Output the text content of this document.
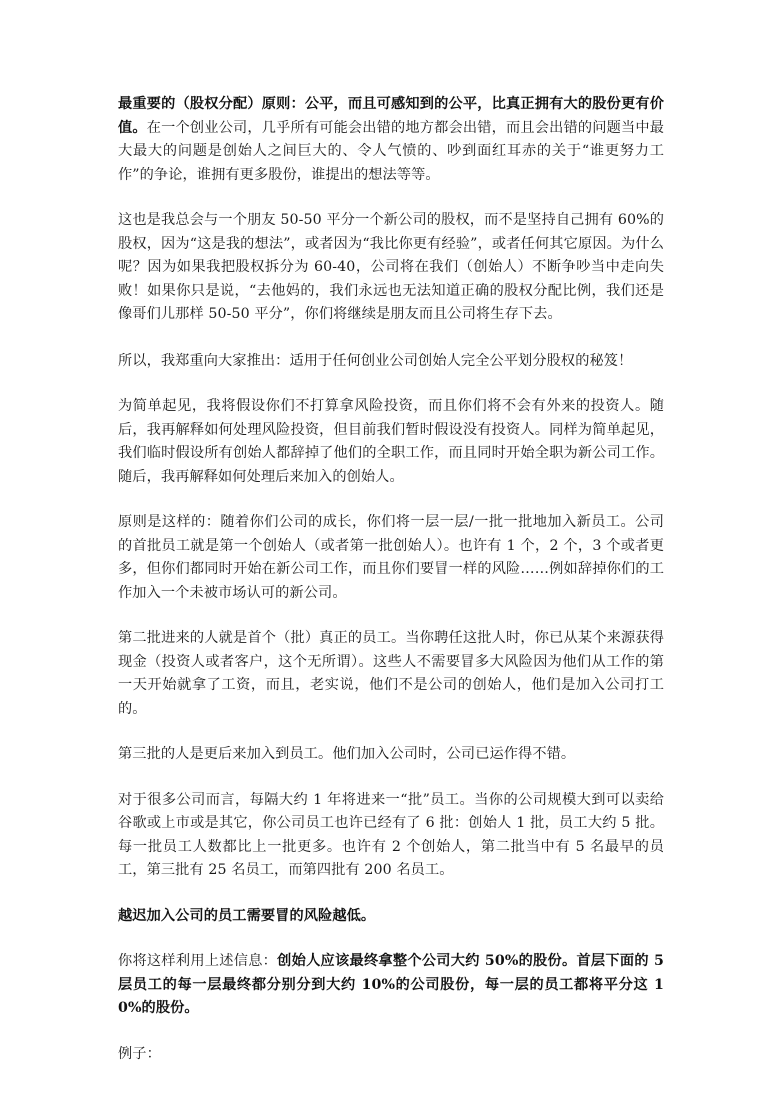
最重要的（股权分配）原则：公平，而且可感知到的公平，比真正拥有大的股份更有价值。在一个创业公司，几乎所有可能会出错的地方都会出错，而且会出错的问题当中最大最大的问题是创始人之间巨大的、令人气愤的、吵到面红耳赤的关于“谁更努力工作”的争论，谁拥有更多股份，谁提出的想法等等。

这也是我总会与一个朋友 50-50 平分一个新公司的股权，而不是坚持自己拥有 60%的股权，因为“这是我的想法”，或者因为“我比你更有经验”，或者任何其它原因。为什么呢？因为如果我把股权拆分为 60-40，公司将在我们（创始人）不断争吵当中走向失败！如果你只是说，“去他妈的，我们永远也无法知道正确的股权分配比例，我们还是像哥们儿那样 50-50 平分”，你们将继续是朋友而且公司将生存下去。

所以，我郑重向大家推出：适用于任何创业公司创始人完全公平划分股权的秘笈！

为简单起见，我将假设你们不打算拿风险投资，而且你们将不会有外来的投资人。随后，我再解释如何处理风险投资，但目前我们暂时假设没有投资人。同样为简单起见，我们临时假设所有创始人都辞掉了他们的全职工作，而且同时开始全职为新公司工作。随后，我再解释如何处理后来加入的创始人。

原则是这样的：随着你们公司的成长，你们将一层一层/一批一批地加入新员工。公司的首批员工就是第一个创始人（或者第一批创始人）。也许有 1 个，2 个，3 个或者更多，但你们都同时开始在新公司工作，而且你们要冒一样的风险……例如辞掉你们的工作加入一个未被市场认可的新公司。

第二批进来的人就是首个（批）真正的员工。当你聘任这批人时，你已从某个来源获得现金（投资人或者客户，这个无所谓）。这些人不需要冒多大风险因为他们从工作的第一天开始就拿了工资，而且，老实说，他们不是公司的创始人，他们是加入公司打工的。

第三批的人是更后来加入到员工。他们加入公司时，公司已运作得不错。

对于很多公司而言，每隔大约 1 年将进来一“批”员工。当你的公司规模大到可以卖给谷歌或上市或是其它，你公司员工也许已经有了 6 批：创始人 1 批，员工大约 5 批。每一批员工人数都比上一批更多。也许有 2 个创始人，第二批当中有 5 名最早的员工，第三批有 25 名员工，而第四批有 200 名员工。

越迟加入公司的员工需要冒的风险越低。

你将这样利用上述信息：创始人应该最终拿整个公司大约 50%的股份。首层下面的 5 层员工的每一层最终都分别分到大约 10%的公司股份，每一层的员工都将平分这 10%的股份。

例子：
